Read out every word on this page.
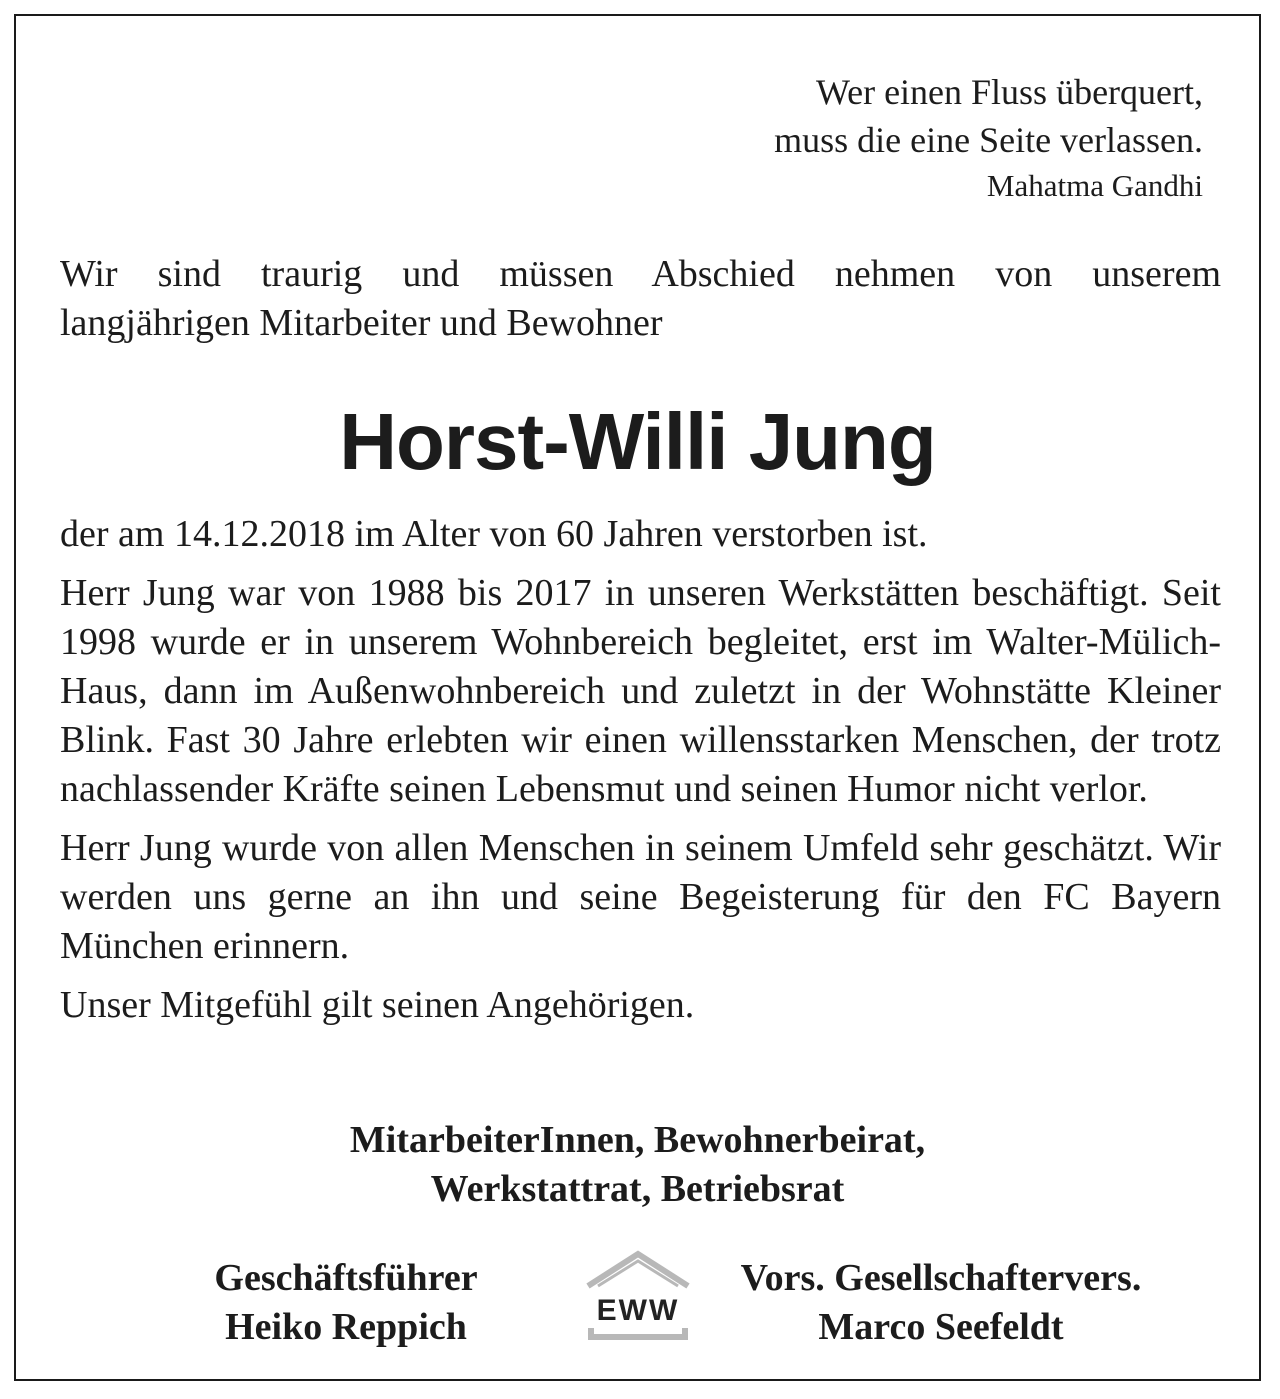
Wer einen Fluss überquert,
muss die eine Seite verlassen.
Mahatma Gandhi
Wir sind traurig und müssen Abschied nehmen von unserem
langjährigen Mitarbeiter und Bewohner
Horst-Willi Jung

der am 14.12.2018 im Alter von 60 Jahren verstorben ist.

Herr Jung war von 1988 bis 2017 in unseren Werkstätten beschäftigt. Seit 1998 wurde er in unserem Wohnbereich begleitet, erst im Walter-Mülich-Haus, dann im Außenwohnbereich und zuletzt in der Wohnstätte Kleiner Blink. Fast 30 Jahre erlebten wir einen willensstarken Menschen, der trotz nachlassender Kräfte seinen Lebensmut und seinen Humor nicht verlor.

Herr Jung wurde von allen Menschen in seinem Umfeld sehr geschätzt. Wir werden uns gerne an ihn und seine Begeisterung für den FC Bayern München erinnern.

Unser Mitgefühl gilt seinen Angehörigen.

MitarbeiterInnen, Bewohnerbeirat,
Werkstattrat, Betriebsrat
Geschäftsführer
Heiko Reppich	EWW
Vors. Gesellschaftervers.
Marco Seefeldt
